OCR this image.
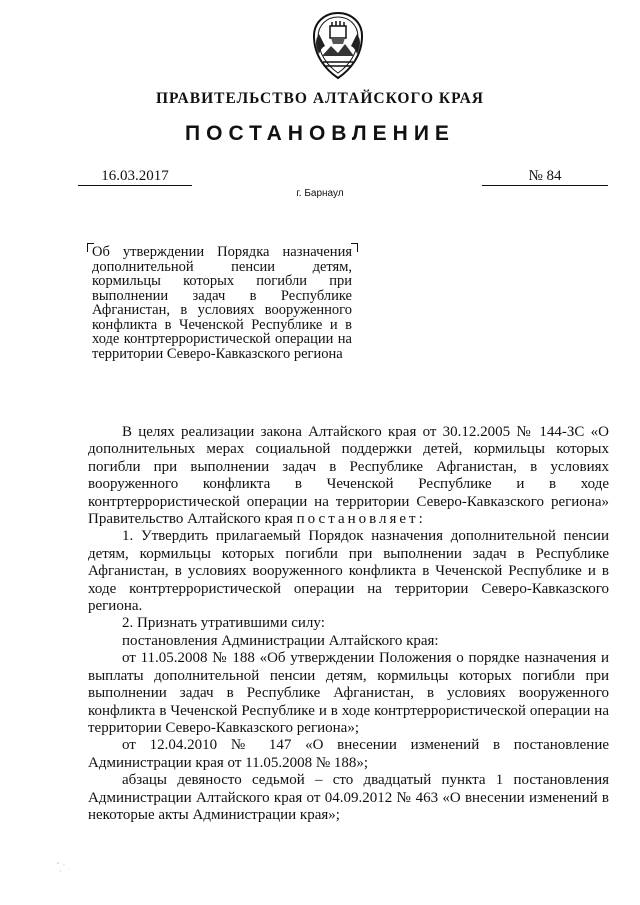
ПРАВИТЕЛЬСТВО АЛТАЙСКОГО КРАЯ
ПОСТАНОВЛЕНИЕ
16.03.2017	№ 84
г. Барнаул
Об утверждении Порядка назначения дополнительной пенсии детям, кормильцы которых погибли при выполнении задач в Республике Афганистан, в условиях вооруженного конфликта в Чеченской Республике и в ходе контртеррористической операции на территории Северо-Кавказского региона

В целях реализации закона Алтайского края от 30.12.2005 № 144-ЗС «О дополнительных мерах социальной поддержки детей, кормильцы которых погибли при выполнении задач в Республике Афганистан, в условиях вооруженного конфликта в Чеченской Республике и в ходе контртеррористической операции на территории Северо-Кавказского региона» Правительство Алтайского края постановляет:

1. Утвердить прилагаемый Порядок назначения дополнительной пенсии детям, кормильцы которых погибли при выполнении задач в Республике Афганистан, в условиях вооруженного конфликта в Чеченской Республике и в ходе контртеррористической операции на территории Северо-Кавказского региона.

2. Признать утратившими силу:

постановления Администрации Алтайского края:

от 11.05.2008 № 188 «Об утверждении Положения о порядке назначения и выплаты дополнительной пенсии детям, кормильцы которых погибли при выполнении задач в Республике Афганистан, в условиях вооруженного конфликта в Чеченской Республике и в ходе контртеррористической операции на территории Северо-Кавказского региона»;

от 12.04.2010 № 147 «О внесении изменений в постановление Администрации края от 11.05.2008 № 188»;

абзацы девяносто седьмой – сто двадцатый пункта 1 постановления Администрации Алтайского края от 04.09.2012 № 463 «О внесении изменений в некоторые акты Администрации края»;
